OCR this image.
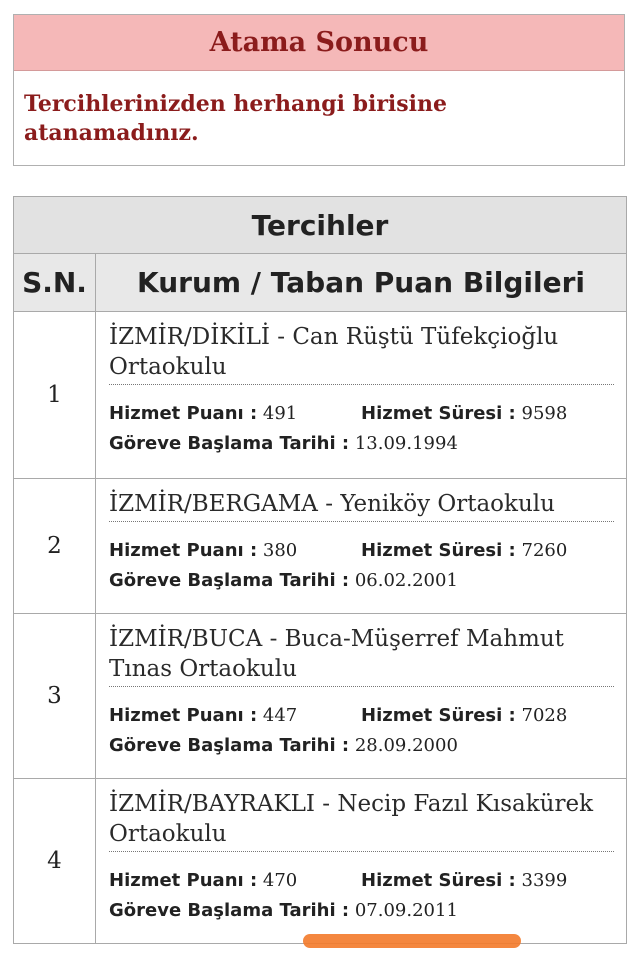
Atama Sonucu
Tercihlerinizden herhangi birisine atanamadınız.
Tercihler	
S.N.	Kurum / Taban Puan Bilgileri
1	İZMİR/DİKİLİ - Can Rüştü Tüfekçioğlu Ortaokulu
Hizmet Puanı : 491 Hizmet Süresi : 9598
Göreve Başlama Tarihi : 13.09.1994

2	İZMİR/BERGAMA - Yeniköy Ortaokulu
Hizmet Puanı : 380 Hizmet Süresi : 7260
Göreve Başlama Tarihi : 06.02.2001

3	İZMİR/BUCA - Buca-Müşerref Mahmut Tınas Ortaokulu
Hizmet Puanı : 447 Hizmet Süresi : 7028
Göreve Başlama Tarihi : 28.09.2000

4	İZMİR/BAYRAKLI - Necip Fazıl Kısakürek Ortaokulu
Hizmet Puanı : 470 Hizmet Süresi : 3399
Göreve Başlama Tarihi : 07.09.2011
